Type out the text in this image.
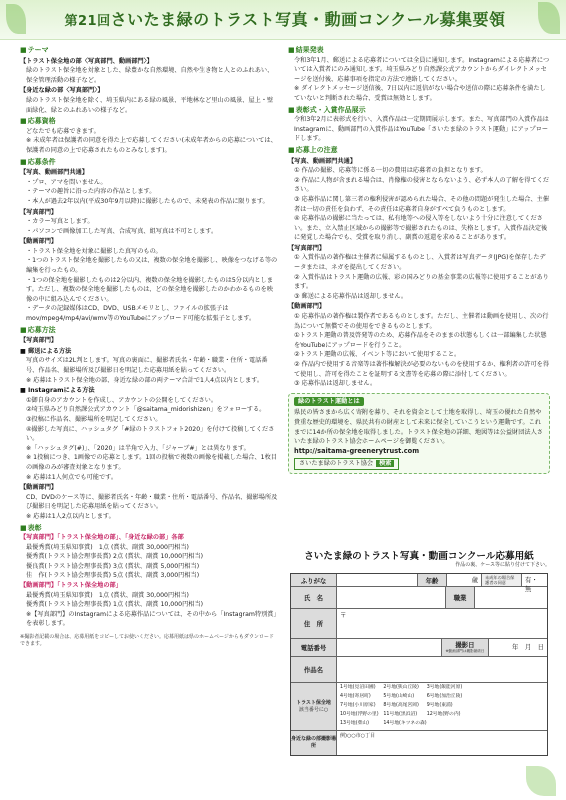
第21回さいたま緑のトラスト写真・動画コンクール募集要領
■ テーマ
【トラスト保全地の部〈写真部門、動画部門〉】
緑のトラスト保全地を対象とした、緑豊かな自然環境、自然や生き物と人とのふれあい、保全管理活動の様子など。
【身近な緑の部〈写真部門〉】
緑のトラスト保全地を除く、埼玉県内にある緑の風景、平地林など里山の風景、屋上・壁面緑化、緑とのふれあいの様子など。
■ 応募資格
どなたでも応募できます。
※ 未成年者は保護者の同意を得た上で応募してください(未成年者からの応募については、保護者の同意の上で応募されたものとみなします)。
■ 応募条件
【写真、動画部門共通】
・プロ、アマを問いません。
・テーマの趣旨に沿った内容の作品とします。
・本人が過去2年以内(平成30年9月以降)に撮影したもので、未発表の作品に限ります。
【写真部門】
・カラー写真とします。
・パソコンで画像加工した写真、合成写真、組写真は不可とします。
【動画部門】
・トラスト保全地を対象に撮影した真写のもの。
・1つのトラスト保全地を撮影したもの又は、複数の保全地を撮影し、映像をつなげる等の編集を行ったもの。
・1つの保全地を撮影したものは2分以内、複数の保全地を撮影したものは5分以内とします。ただし、複数の保全地を撮影したものは、どの保全地を撮影したのかわかるものを映像の中に組み込んでください。
・データの記録媒体はCD、DVD、USBメモリとし、ファイルの拡張子はmov/mpeg4/mp4/avi/wmv等のYouTubeにアップロード可能な拡張子とします。
■ 応募方法
【写真部門】
■ 郵送による方法
写真のサイズは2L判とします。写真の裏面に、撮影者氏名・年齢・職業・住所・電話番号、作品名、撮影場所及び撮影日を明記した応募用紙を貼ってください。
※ 応募はトラスト保全地の部、身近な緑の部の両テーマ合計で1人4点以内とします。
■ Instagramによる方法
①御自身のアカウントを作成し、アカウントの公開をしてください。
②埼玉県みどり自然課公式アカウント「@saitama_midorishizen」をフォローする。
③投稿に作品名、撮影場所を明記してください。
④撮影した写真に、ハッシュタグ「#緑のトラストフォト2020」を付けて投稿してください。
※「ハッシュタグ(#)」、「2020」は半角で入力、「ジャーブ#」とは異なります。
※ 1投稿につき、1画像での応募とします。1回の投稿で複数の画像を掲載した場合、1枚目の画像のみが審査対象となります。
※ 応募は1人何点でも可能です。
【動画部門】
CD、DVDのケース等に、撮影者氏名・年齢・職業・住所・電話番号、作品名、撮影場所及び撮影日を明記した応募用紙を貼ってください。
※ 応募は1人2点以内とします。
■ 表彰
【写真部門】「トラスト保全地の部」、「身近な緑の部」各部
最優秀賞(埼玉県知事賞)　1点 (賞状、副賞 30,000円相当)
優秀賞(トラスト協会理事長賞) 2点 (賞状、副賞 10,000円相当)
優良賞(トラスト協会理事長賞) 3点 (賞状、副賞 5,000円相当)
佳　作(トラスト協会理事長賞) 5点 (賞状、副賞 3,000円相当)
【動画部門】「トラスト保全地の部」
最優秀賞(埼玉県知事賞)　1点 (賞状、副賞 30,000円相当)
優秀賞(トラスト協会理事長賞) 1点 (賞状、副賞 10,000円相当)
※【写真部門】のInstagramによる応募作品については、その中から「Instagram特別賞」を表彰します。
※撮影者記載の場合は、応募用紙をコピーしてお使いください。応募用紙は県のホームページからもダウンロードできます。
■ 結果発表
令和3年1月、郵送による応募者については全員に通知します。Instagramによる応募者については入賞者にのみ通知します。埼玉県みどり自然課公式アカウントからダイレクトメッセージを送付後、応募事項を指定の方法で連絡してください。
※ ダイレクトメッセージ送信後、7日以内に返信がない場合や送信の際に応募条件を満たしていないと判断された場合、受賞は無効とします。
■ 表彰式・入賞作品展示
令和3年2月に表彰式を行い、入賞作品は一定期間展示します。また、写真部門の入賞作品はInstagramに、動画部門の入賞作品はYouTube「さいたま緑のトラスト運動」にアップロードします。
■ 応募上の注意
【写真、動画部門共通】
① 作品の撮影、応募等に係る一切の費用は応募者の負担となります。
② 作品に人物が含まれる場合は、肖像権の侵害とならないよう、必ず本人の了解を得てください。
③ 応募作品に関し第三者の権利侵害が認められた場合、その他の問題が発生した場合、主催者は一切の責任を負わず、その責任は応募者自身がすべて負うものとします。
④ 応募作品の撮影に当たっては、私有地等への侵入等をしないよう十分に注意してください。また、立入禁止区域からの撮影等で撮影されたものは、失格とします。入賞作品決定後に発覚した場合でも、受賞を取り消し、副賞の返還を求めることがあります。
【写真部門】
① 入賞作品の著作権は主催者に帰属するものとし、入賞者は写真データ(JPG)を保存したデータまたは、ネガを提出してください。
② 入賞作品はトラスト運動の広報、彩の国みどりの基金事業の広報等に使用することがあります。
③ 郵送による応募作品は返却しません。
【動画部門】
① 応募作品の著作権は製作者であるものとします。ただし、主催者は動画を使用し、次の行為について無償でその使用をできるものとします。
①トラスト運動の普及啓発等のため、応募作品をそのままの状態もしくは一部編集した状態をYouTubeにアップロードを行うこと。
②トラスト運動の広報、イベント等において使用すること。
② 作品内で使用する音楽等は著作権解決が必要のないものを使用するか、権利者の許可を得て使用し、許可を得たことを証明する文書等を応募の際に添付してください。
③ 応募作品は返却しません。
緑のトラスト運動とは
県民の皆さまから広く寄附を募り、それを資金として土地を取得し、埼玉の優れた自然や貴重な歴史的環境を、県民共有の財産として未来に保全していこうという運動です。これまでに14か所の保全地を取得しました。トラスト保全地の詳細、地図等は公益財団法人さいたま緑のトラスト協会ホームページを御覧ください。
http://saitama-greenerytrust.com
さいたま緑のトラスト協会 検索
さいたま緑のトラスト写真・動画コンクール応募用紙
作品の裏、ケース等に貼り付けて下さい。
ふりがな	年齢	歳	未成年の場合保護者の同意	有・無
氏　名	職業
住　所
〒
電話番号	撮影日
※動画部門は撮影最終日	年　月　日
作品名
トラスト保全地
該当番号に○
1号地(見沼田圃)	2号地(狭山丘陵)	3号地(飯能河原)
4号地(寄居町)	5号地(山崎山)	6号地(加治丘陵)
7号地(小川原家)	8号地(高尾宮岡)	9号地(東浦)
10号地(浮野の里) 11号地(黒浜沼)	12号地(野の内)
13号地(柴山)	14号地(キツネの森)
身近な緑の部撮影場所
例)○○市○丁目
